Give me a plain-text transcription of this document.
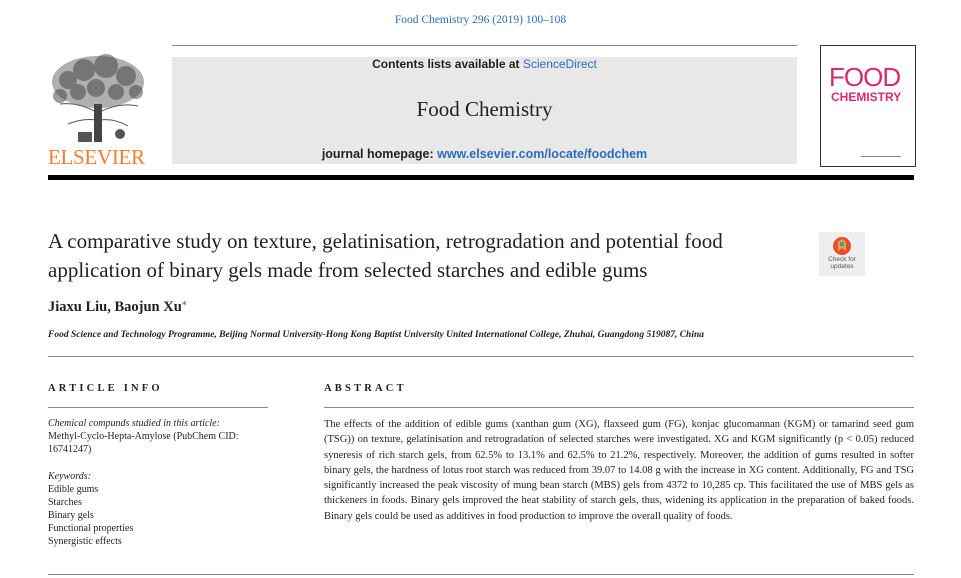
Food Chemistry 296 (2019) 100–108
ELSEVIER
Contents lists available at ScienceDirect
Food Chemistry
journal homepage: www.elsevier.com/locate/foodchem
FOOD
CHEMISTRY
A comparative study on texture, gelatinisation, retrogradation and potential food application of binary gels made from selected starches and edible gums	Check for
updates
Jiaxu Liu, Baojun Xu⁎
Food Science and Technology Programme, Beijing Normal University-Hong Kong Baptist University United International College, Zhuhai, Guangdong 519087, China
ARTICLE INFO
Chemical compunds studied in this article:
Methyl-Cyclo-Hepta-Amylose (PubChem CID: 16741247)
Keywords:
Edible gums
Starches
Binary gels
Functional properties
Synergistic effects
ABSTRACT
The effects of the addition of edible gums (xanthan gum (XG), flaxseed gum (FG), konjac glucomannan (KGM) or tamarind seed gum (TSG)) on texture, gelatinisation and retrogradation of selected starches were investigated. XG and KGM significantly (p < 0.05) reduced syneresis of rich starch gels, from 62.5% to 13.1% and 62.5% to 21.2%, respectively. Moreover, the addition of gums resulted in softer binary gels, the hardness of lotus root starch was reduced from 39.07 to 14.08 g with the increase in XG content. Additionally, FG and TSG significantly increased the peak viscosity of mung bean starch (MBS) gels from 4372 to 10,285 cp. This facilitated the use of MBS gels as thickeners in foods. Binary gels improved the heat stability of starch gels, thus, widening its application in the preparation of baked foods. Binary gels could be used as additives in food production to improve the overall quality of foods.
